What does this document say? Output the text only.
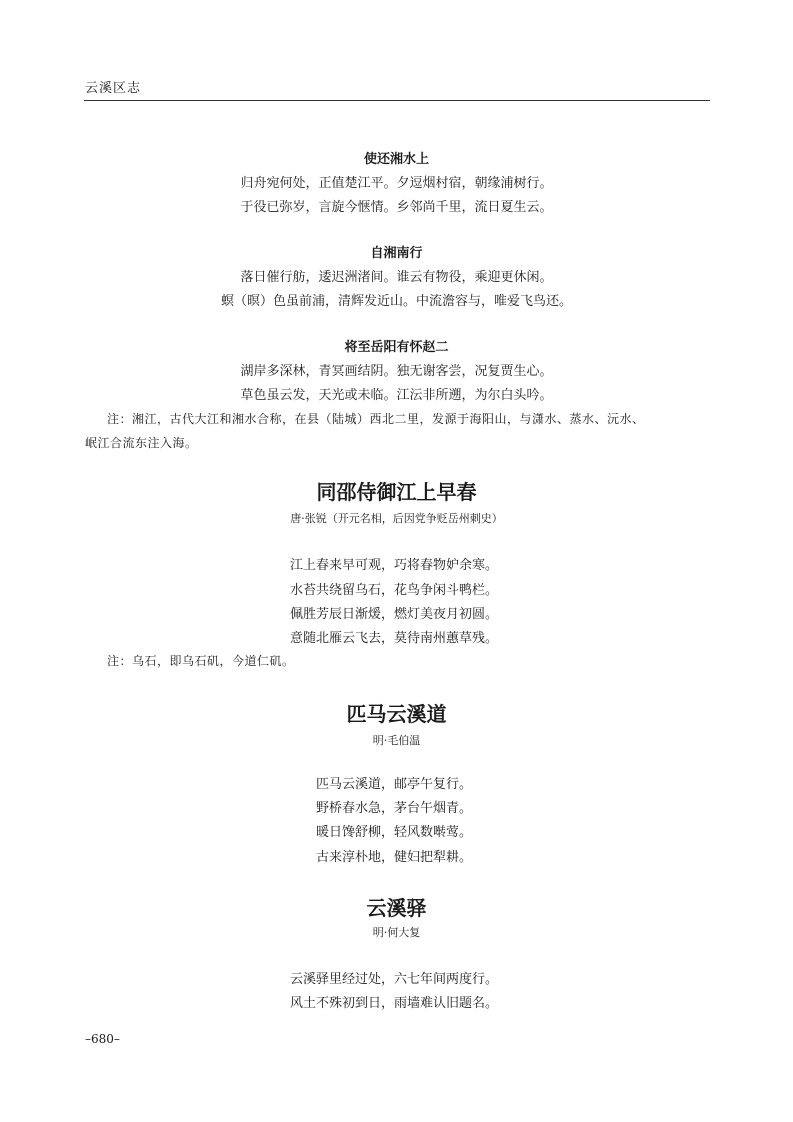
云溪区志
使还湘水上
归舟宛何处，正值楚江平。夕逗烟村宿，朝缘浦树行。
于役已弥岁，言旋今惬情。乡邻尚千里，流日夏生云。
自湘南行
落日催行舫，逶迟洲渚间。谁云有物役，乘迎更休闲。
螟（暝）色虽前浦，清辉发近山。中流澹容与，唯爱飞鸟还。
将至岳阳有怀赵二
湖岸多深林，青冥画结阴。独无谢客尝，况复贾生心。
草色虽云发，天光或未临。江沄非所遡，为尔白头吟。
注：湘江，古代大江和湘水合称，在县（陆城）西北二里，发源于海阳山，与潇水、蒸水、沅水、
岷江合流东注入海。
同邵侍御江上早春
唐·张锐（开元名相，后因党争贬岳州刺史）
江上春来早可观，巧将春物妒余寒。
水苔共绕留乌石，花鸟争闲斗鸭栏。
佩胜芳辰日渐煖，燃灯美夜月初圆。
意随北雁云飞去，莫待南州蕙草残。
注：乌石，即乌石矶，今道仁矶。
匹马云溪道
明·毛伯温
匹马云溪道，邮亭午复行。
野桥春水急，茅台午烟青。
暖日馋舒柳，轻风数啭莺。
古来淳朴地，健妇把犁耕。
云溪驿
明·何大复
云溪驿里经过处，六七年间两度行。
风土不殊初到日，雨墙难认旧题名。
–680–
